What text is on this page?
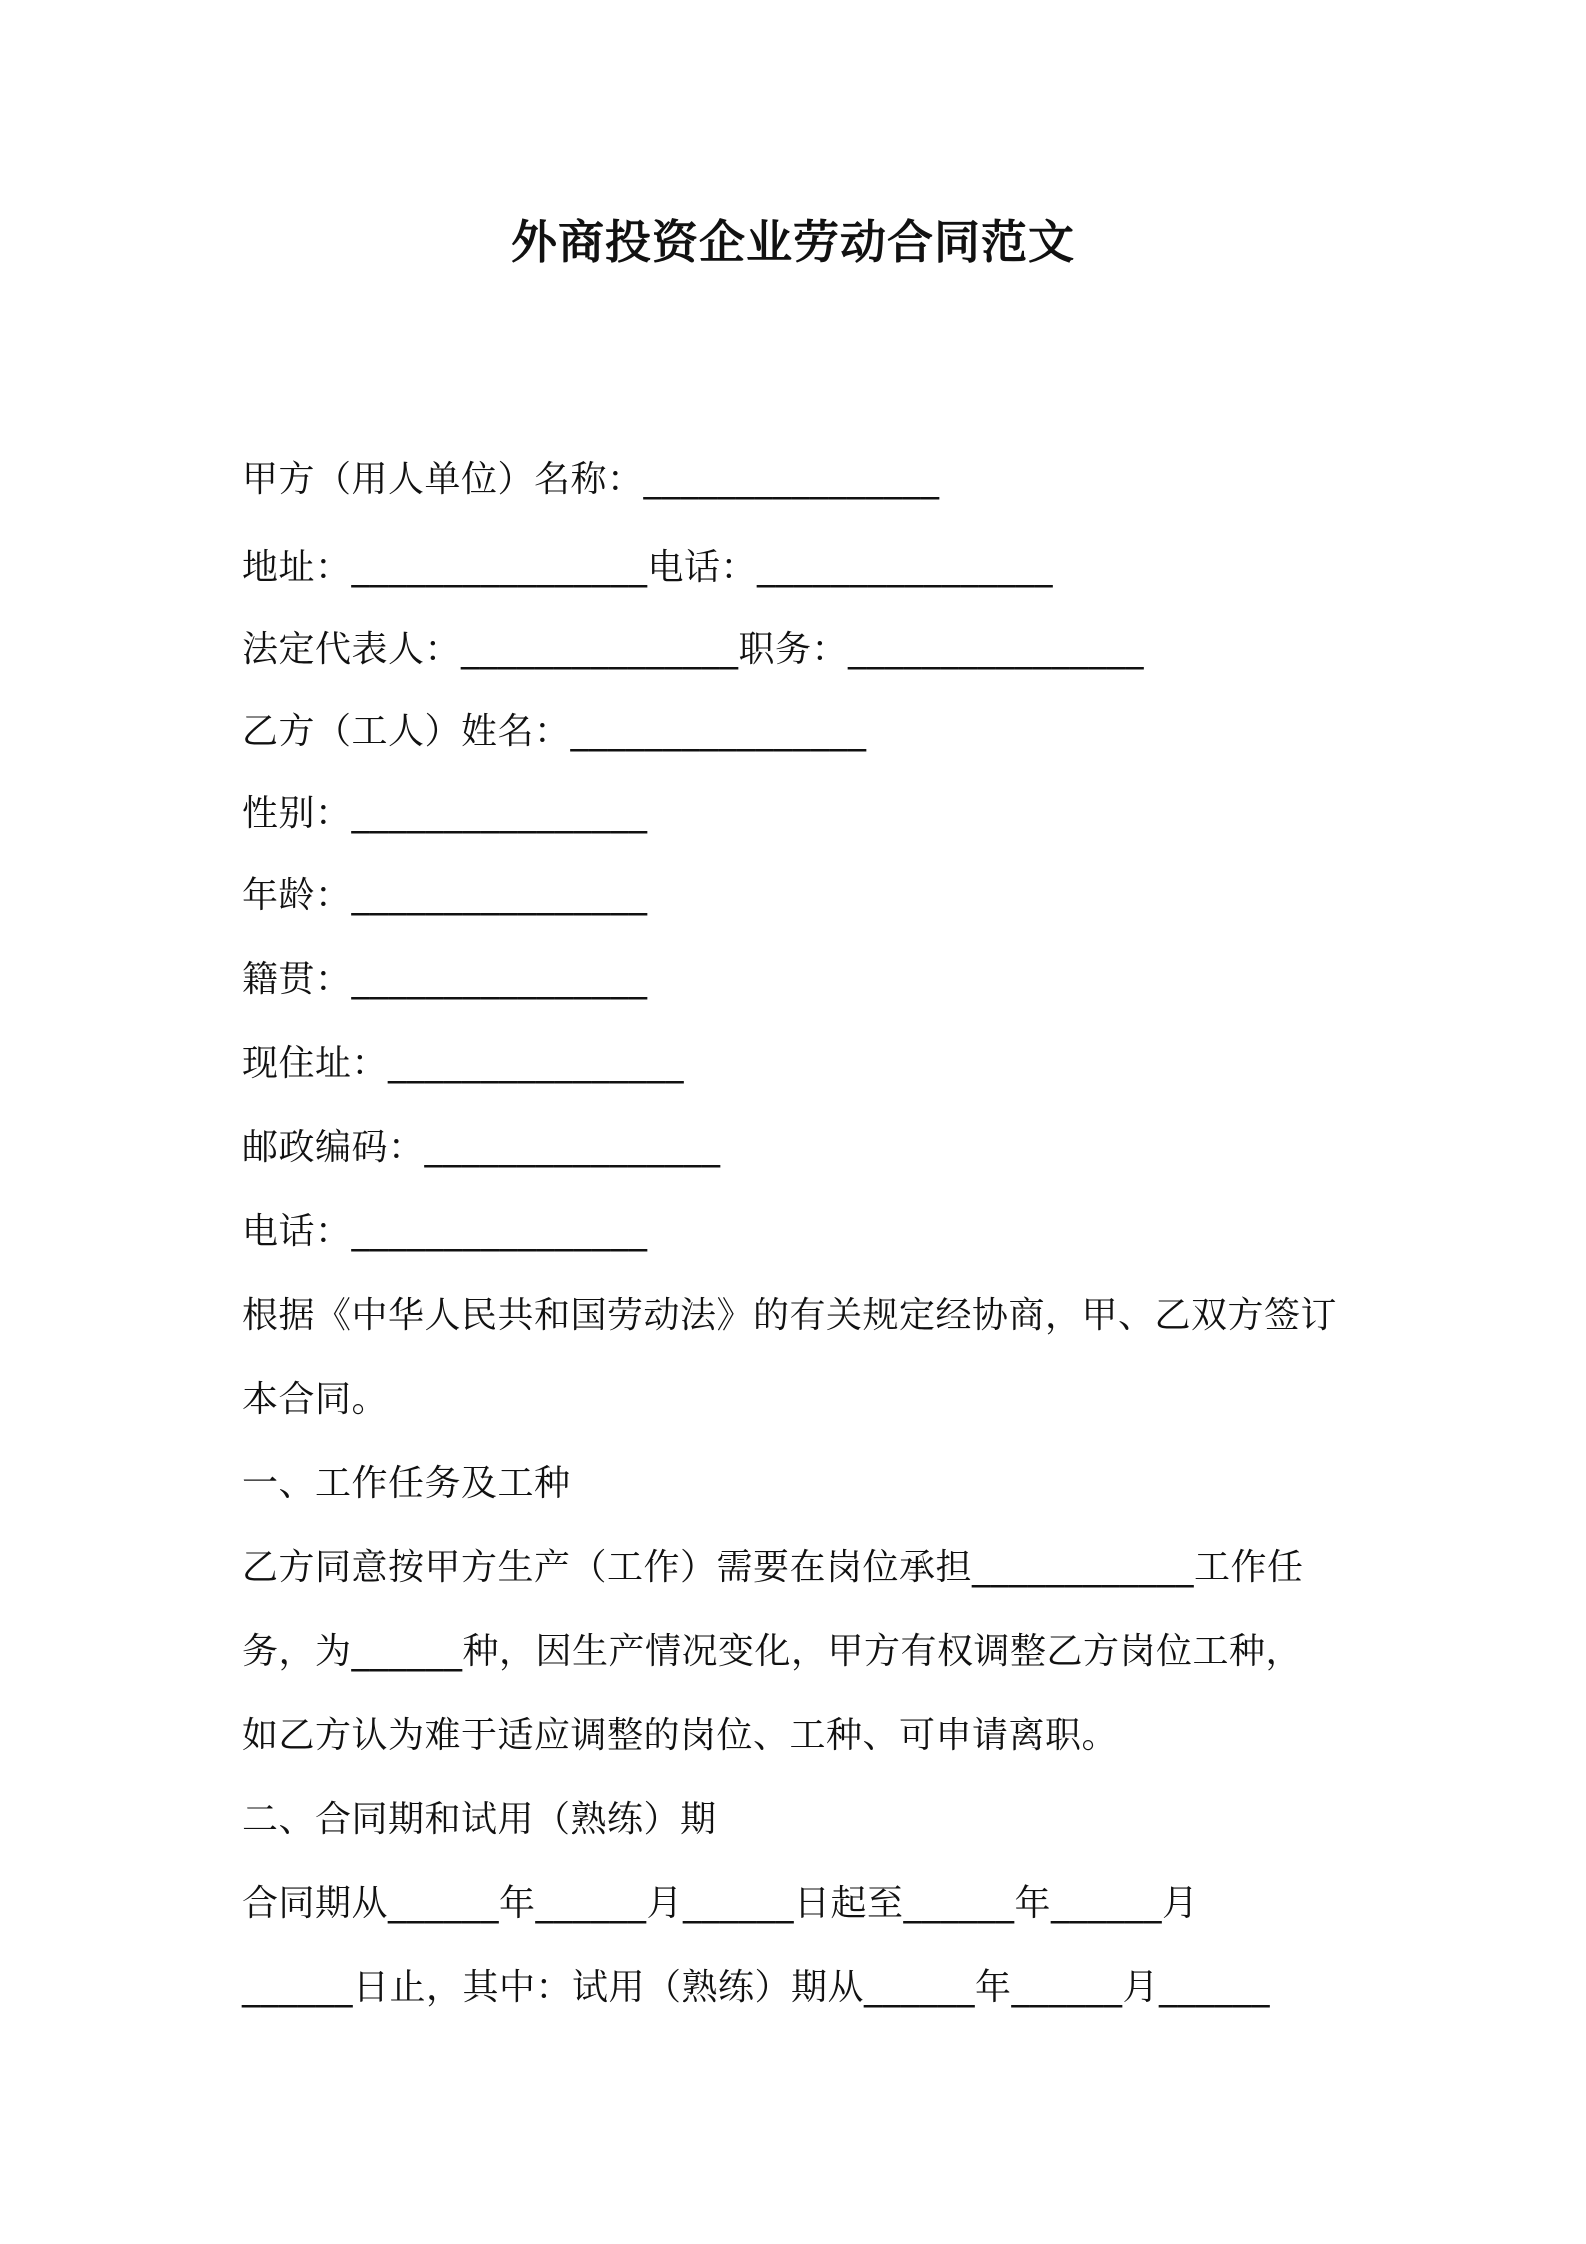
外商投资企业劳动合同范文
甲方（用人单位）名称：________________
地址：________________电话：________________
法定代表人：_______________职务：________________
乙方（工人）姓名：________________
性别：________________
年龄：________________
籍贯：________________
现住址：________________
邮政编码：________________
电话：________________
根据《中华人民共和国劳动法》的有关规定经协商，甲、乙双方签订
本合同。
一、工作任务及工种
乙方同意按甲方生产（工作）需要在岗位承担____________工作任
务，为______种，因生产情况变化，甲方有权调整乙方岗位工种，
如乙方认为难于适应调整的岗位、工种、可申请离职。
二、合同期和试用（熟练）期
合同期从______年______月______日起至______年______月
______日止，其中：试用（熟练）期从______年______月______
